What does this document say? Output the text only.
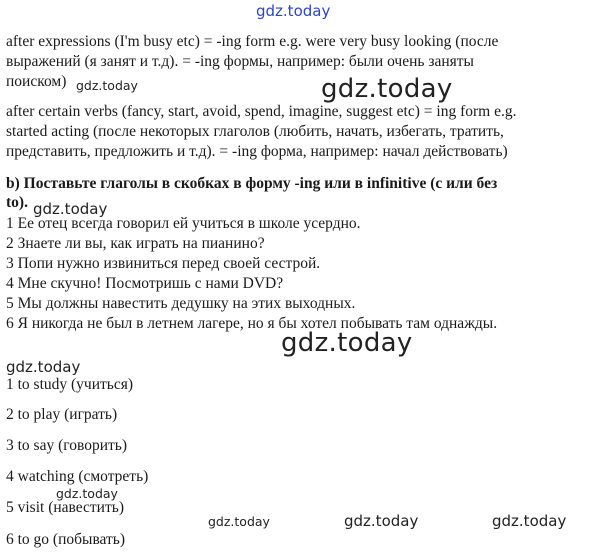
gdz.today
after expressions (I'm busy etc) = -ing form e.g. were very busy looking (после
выражений (я занят и т.д). = -ing формы, например: были очень заняты
поиском) gdz.today	gdz.today
after certain verbs (fancy, start, avoid, spend, imagine, suggest etc) = ing form e.g.
started acting (после некоторых глаголов (любить, начать, избегать, тратить,
представить, предложить и т.д). = -ing форма, например: начал действовать)
b) Поставьте глаголы в скобках в форму -ing или в infinitive (с или без
to). gdz.today
1 Ее отец всегда говорил ей учиться в школе усердно.
2 Знаете ли вы, как играть на пианино?
3 Попи нужно извиниться перед своей сестрой.
4 Мне скучно! Посмотришь с нами DVD?
5 Мы должны навестить дедушку на этих выходных.
6 Я никогда не был в летнем лагере, но я бы хотел побывать там однажды.
gdz.today
gdz.today
1 to study (учиться)
2 to play (играть)
3 to say (говорить)
4 watching (смотреть)
gdz.today
5 visit (навестить)
6 to go (побывать)
gdz.today	gdz.today	gdz.today
